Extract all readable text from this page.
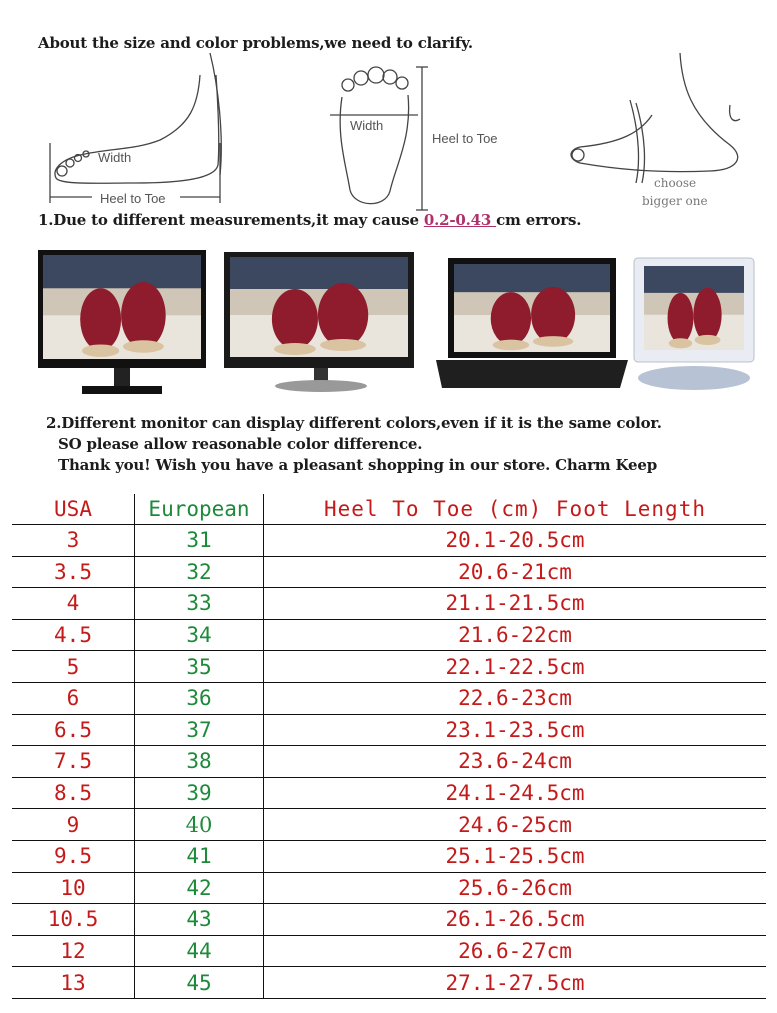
About the size and color problems,we need to clarify.
Width
Heel to Toe
Width
Heel to Toe
choose
bigger one
1.Due to different measurements,it may cause 0.2-0.43 cm errors.
2.Different monitor can display different colors,even if it is the same color.
SO please allow reasonable color difference.
Thank you! Wish you have a pleasant shopping in our store. Charm Keep
USA	European	Heel To Toe (cm) Foot Length
3	31	20.1-20.5cm
3.5	32	20.6-21cm
4	33	21.1-21.5cm
4.5	34	21.6-22cm
5	35	22.1-22.5cm
6	36	22.6-23cm
6.5	37	23.1-23.5cm
7.5	38	23.6-24cm
8.5	39	24.1-24.5cm
9	40	24.6-25cm
9.5	41	25.1-25.5cm
10	42	25.6-26cm
10.5	43	26.1-26.5cm
12	44	26.6-27cm
13	45	27.1-27.5cm
